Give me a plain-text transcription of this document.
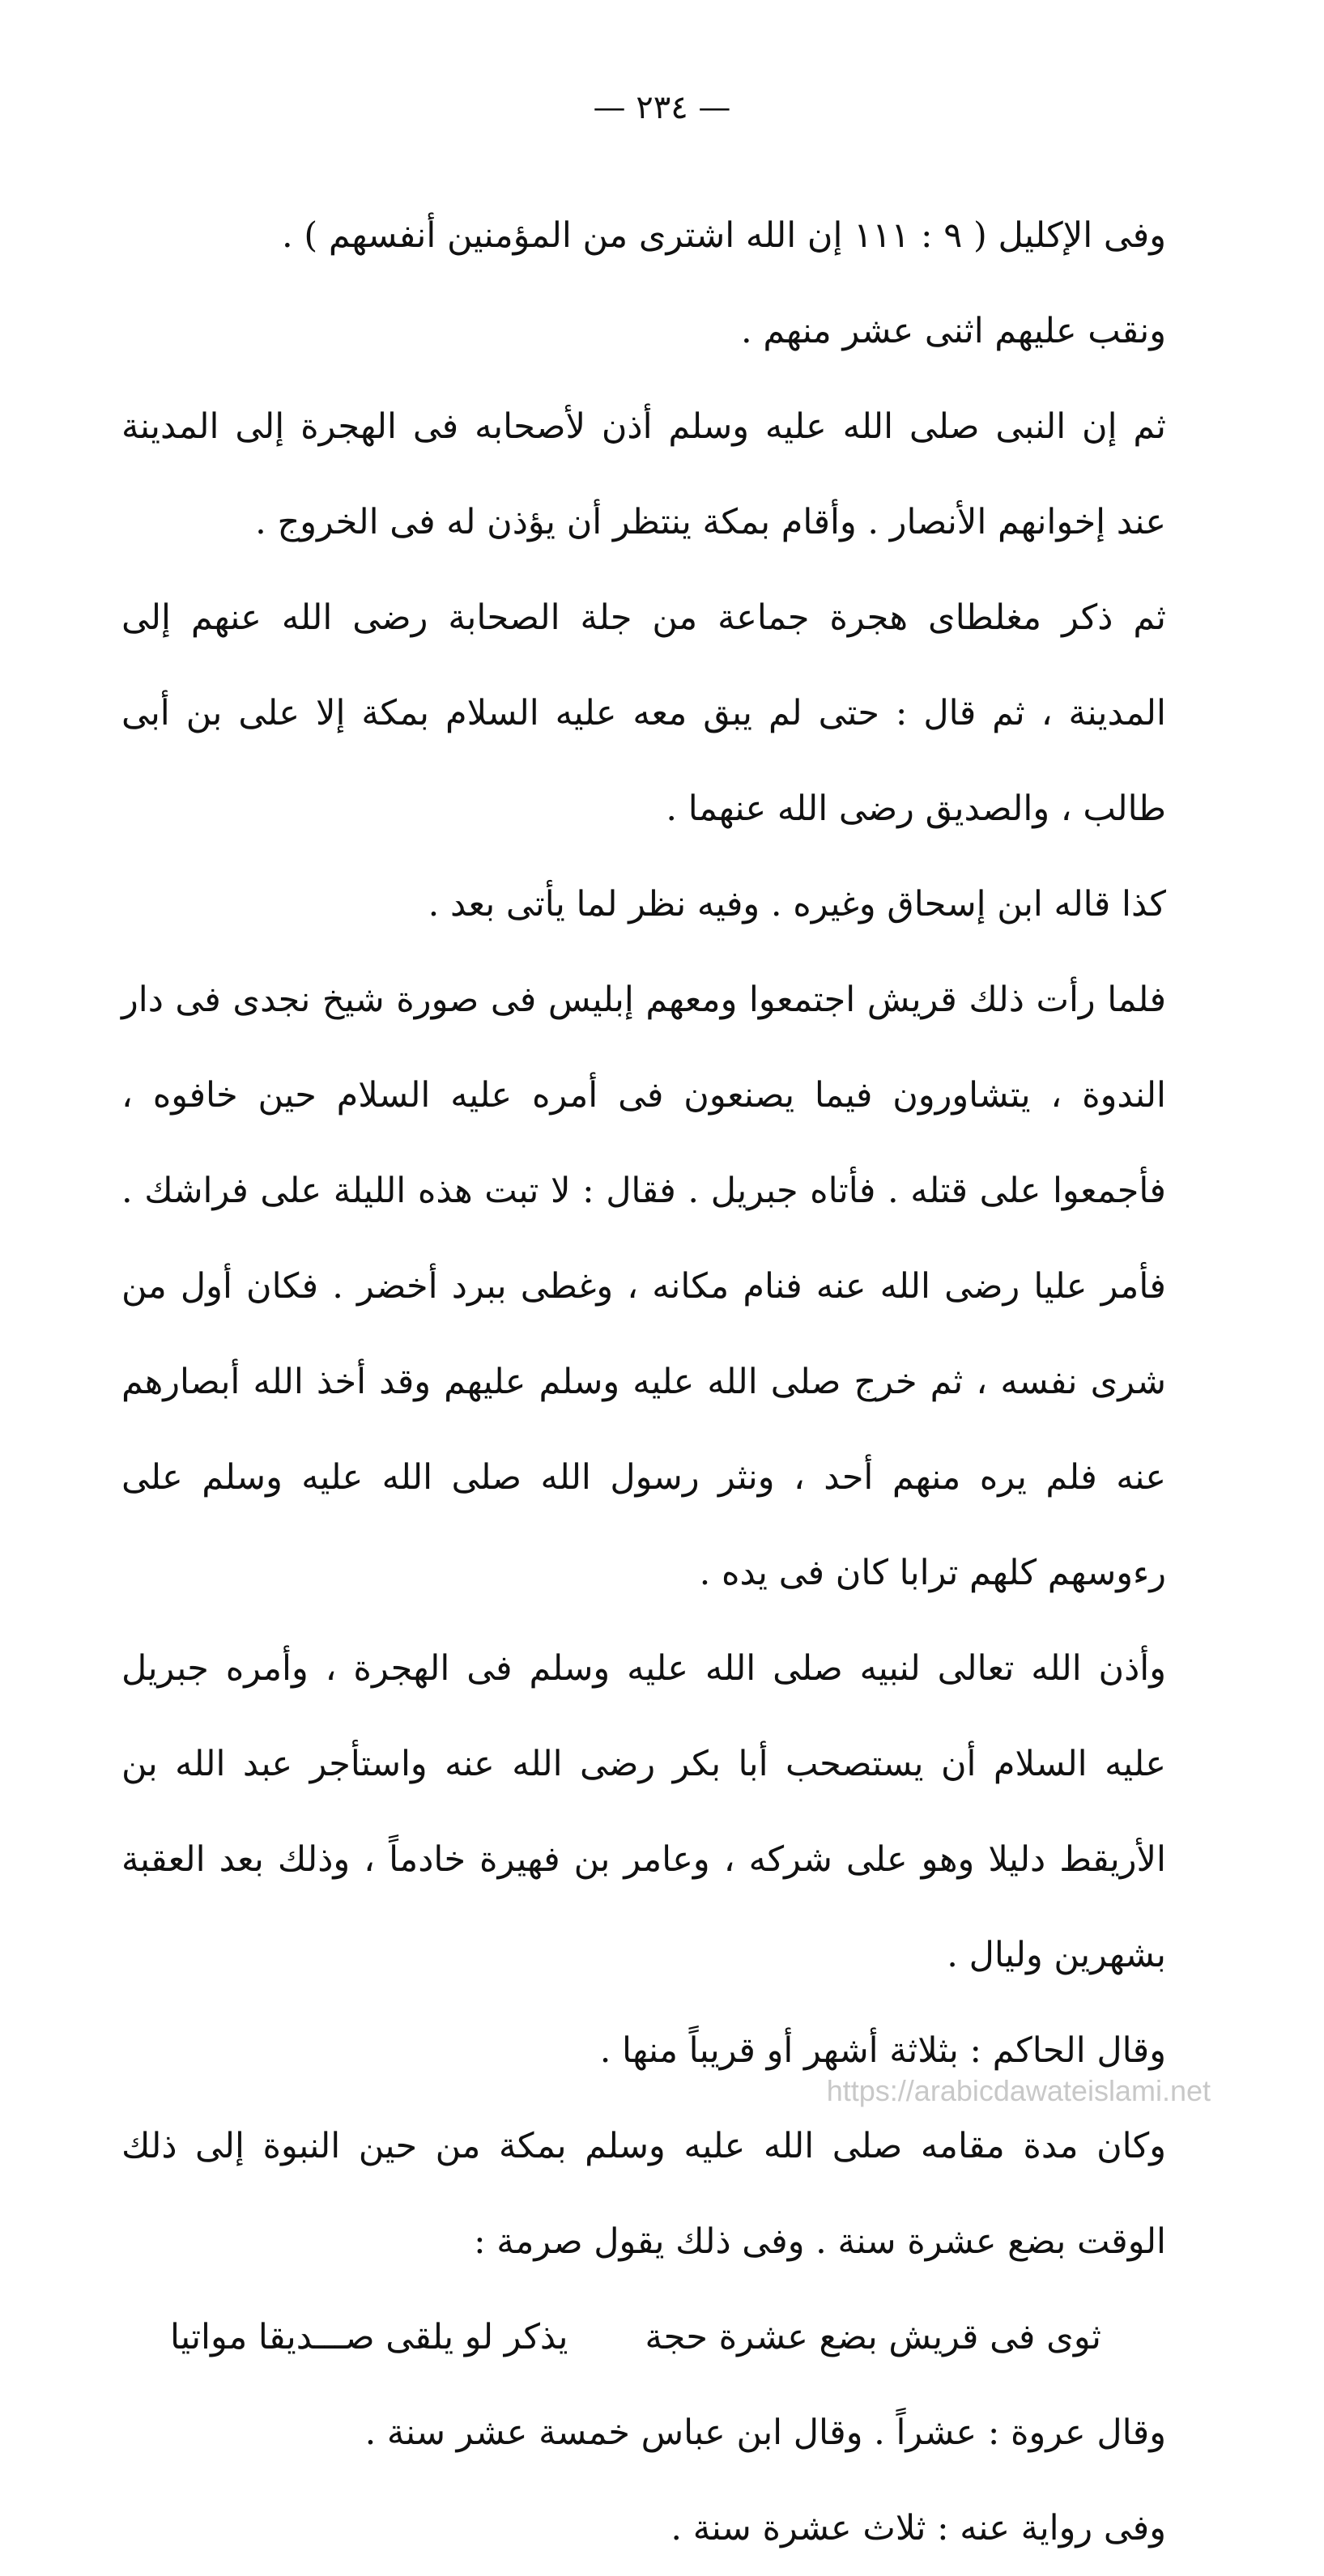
— ٢٣٤ —

وفى الإكليل ( ٩ : ١١١ إن الله اشترى من المؤمنين أنفسهم ) .

ونقب عليهم اثنى عشر منهم .

ثم إن النبى صلى الله عليه وسلم أذن لأصحابه فى الهجرة إلى المدينة عند إخوانهم الأنصار . وأقام بمكة ينتظر أن يؤذن له فى الخروج .

ثم ذكر مغلطاى هجرة جماعة من جلة الصحابة رضى الله عنهم إلى المدينة ، ثم قال : حتى لم يبق معه عليه السلام بمكة إلا على بن أبى طالب ، والصديق رضى الله عنهما .

كذا قاله ابن إسحاق وغيره . وفيه نظر لما يأتى بعد .

فلما رأت ذلك قريش اجتمعوا ومعهم إبليس فى صورة شيخ نجدى فى دار الندوة ، يتشاورون فيما يصنعون فى أمره عليه السلام حين خافوه ، فأجمعوا على قتله . فأتاه جبريل . فقال : لا تبت هذه الليلة على فراشك . فأمر عليا رضى الله عنه فنام مكانه ، وغطى ببرد أخضر . فكان أول من شرى نفسه ، ثم خرج صلى الله عليه وسلم عليهم وقد أخذ الله أبصارهم عنه فلم يره منهم أحد ، ونثر رسول الله صلى الله عليه وسلم على رءوسهم كلهم ترابا كان فى يده .

وأذن الله تعالى لنبيه صلى الله عليه وسلم فى الهجرة ، وأمره جبريل عليه السلام أن يستصحب أبا بكر رضى الله عنه واستأجر عبد الله بن الأريقط دليلا وهو على شركه ، وعامر بن فهيرة خادماً ، وذلك بعد العقبة بشهرين وليال .

وقال الحاكم : بثلاثة أشهر أو قريباً منها .

وكان مدة مقامه صلى الله عليه وسلم بمكة من حين النبوة إلى ذلك الوقت بضع عشرة سنة . وفى ذلك يقول صرمة :

ثوى فى قريش بضع عشرة حجة
يذكر لو يلقى صـــديقا مواتيا

وقال عروة : عشراً . وقال ابن عباس خمسة عشر سنة .

وفى رواية عنه : ثلاث عشرة سنة .

https://arabicdawateislami.net
